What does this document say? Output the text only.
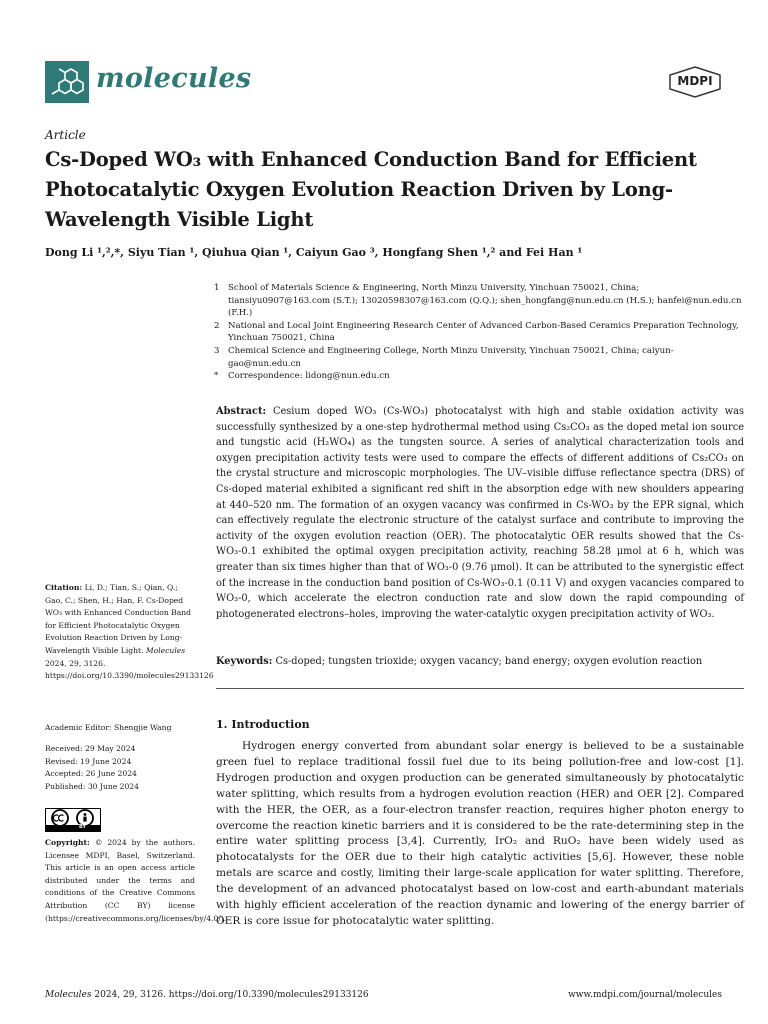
molecules	MDPI
Article
Cs-Doped WO₃ with Enhanced Conduction Band for Efficient Photocatalytic Oxygen Evolution Reaction Driven by Long-Wavelength Visible Light
Dong Li ¹,²,*, Siyu Tian ¹, Qiuhua Qian ¹, Caiyun Gao ³, Hongfang Shen ¹,² and Fei Han ¹
1 School of Materials Science & Engineering, North Minzu University, Yinchuan 750021, China; tiansiyu0907@163.com (S.T.); 13020598307@163.com (Q.Q.); shen_hongfang@nun.edu.cn (H.S.); hanfei@nun.edu.cn (F.H.)
2 National and Local Joint Engineering Research Center of Advanced Carbon-Based Ceramics Preparation Technology, Yinchuan 750021, China
3 Chemical Science and Engineering College, North Minzu University, Yinchuan 750021, China; caiyun-gao@nun.edu.cn
*	Correspondence: lidong@nun.edu.cn
Abstract: Cesium doped WO₃ (Cs-WO₃) photocatalyst with high and stable oxidation activity was successfully synthesized by a one-step hydrothermal method using Cs₂CO₃ as the doped metal ion source and tungstic acid (H₂WO₄) as the tungsten source. A series of analytical characterization tools and oxygen precipitation activity tests were used to compare the effects of different additions of Cs₂CO₃ on the crystal structure and microscopic morphologies. The UV–visible diffuse reflectance spectra (DRS) of Cs-doped material exhibited a significant red shift in the absorption edge with new shoulders appearing at 440–520 nm. The formation of an oxygen vacancy was confirmed in Cs-WO₃ by the EPR signal, which can effectively regulate the electronic structure of the catalyst surface and contribute to improving the activity of the oxygen evolution reaction (OER). The photocatalytic OER results showed that the Cs-WO₃-0.1 exhibited the optimal oxygen precipitation activity, reaching 58.28 μmol at 6 h, which was greater than six times higher than that of WO₃-0 (9.76 μmol). It can be attributed to the synergistic effect of the increase in the conduction band position of Cs-WO₃-0.1 (0.11 V) and oxygen vacancies compared to WO₃-0, which accelerate the electron conduction rate and slow down the rapid compounding of photogenerated electrons–holes, improving the water-catalytic oxygen precipitation activity of WO₃.
Keywords: Cs-doped; tungsten trioxide; oxygen vacancy; band energy; oxygen evolution reaction
1. Introduction
Hydrogen energy converted from abundant solar energy is believed to be a sustainable green fuel to replace traditional fossil fuel due to its being pollution-free and low-cost [1]. Hydrogen production and oxygen production can be generated simultaneously by photocatalytic water splitting, which results from a hydrogen evolution reaction (HER) and OER [2]. Compared with the HER, the OER, as a four-electron transfer reaction, requires higher photon energy to overcome the reaction kinetic barriers and it is considered to be the rate-determining step in the entire water splitting process [3,4]. Currently, IrO₂ and RuO₂ have been widely used as photocatalysts for the OER due to their high catalytic activities [5,6]. However, these noble metals are scarce and costly, limiting their large-scale application for water splitting. Therefore, the development of an advanced photocatalyst based on low-cost and earth-abundant materials with highly efficient acceleration of the reaction dynamic and lowering of the energy barrier of OER is core issue for photocatalytic water splitting.
Citation: Li, D.; Tian, S.; Qian, Q.; Gao, C.; Shen, H.; Han, F. Cs-Doped WO₃ with Enhanced Conduction Band for Efficient Photocatalytic Oxygen Evolution Reaction Driven by Long-Wavelength Visible Light. Molecules 2024, 29, 3126. https://doi.org/10.3390/molecules29133126
Academic Editor: Shengjie Wang
Received: 29 May 2024
Revised: 19 June 2024
Accepted: 26 June 2024
Published: 30 June 2024
BY
Copyright: © 2024 by the authors. Licensee MDPI, Basel, Switzerland. This article is an open access article distributed under the terms and conditions of the Creative Commons Attribution (CC BY) license (https://creativecommons.org/licenses/by/4.0/).
Molecules 2024, 29, 3126. https://doi.org/10.3390/molecules29133126	www.mdpi.com/journal/molecules
